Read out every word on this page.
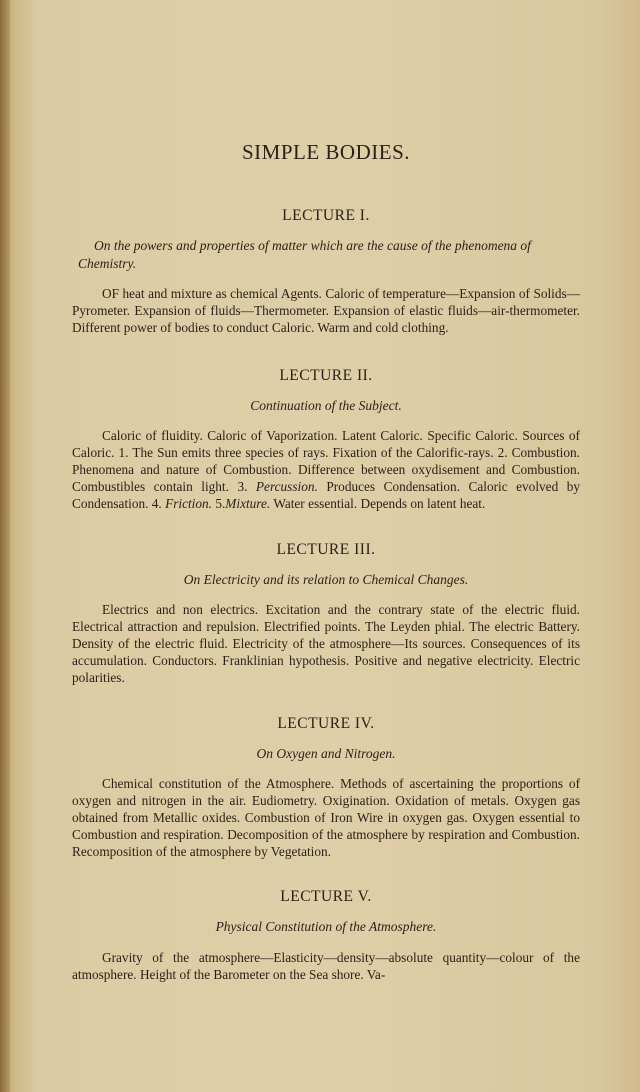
SIMPLE BODIES.
LECTURE I.

On the powers and properties of matter which are the cause of the phenomena of Chemistry.

OF heat and mixture as chemical Agents. Caloric of temperature—Expansion of Solids—Pyrometer. Expansion of fluids—Thermometer. Expansion of elastic fluids—air-thermometer. Different power of bodies to conduct Caloric. Warm and cold clothing.

LECTURE II.

Continuation of the Subject.

Caloric of fluidity. Caloric of Vaporization. Latent Caloric. Specific Caloric. Sources of Caloric. 1. The Sun emits three species of rays. Fixation of the Calorific-rays. 2. Combustion. Phenomena and nature of Combustion. Difference between oxydisement and Combustion. Combustibles contain light. 3. Percussion. Produces Condensation. Caloric evolved by Condensation. 4. Friction. 5.Mixture. Water essential. Depends on latent heat.

LECTURE III.

On Electricity and its relation to Chemical Changes.

Electrics and non electrics. Excitation and the contrary state of the electric fluid. Electrical attraction and repulsion. Electrified points. The Leyden phial. The electric Battery. Density of the electric fluid. Electricity of the atmosphere—Its sources. Consequences of its accumulation. Conductors. Franklinian hypothesis. Positive and negative electricity. Electric polarities.

LECTURE IV.

On Oxygen and Nitrogen.

Chemical constitution of the Atmosphere. Methods of ascertaining the proportions of oxygen and nitrogen in the air. Eudiometry. Oxigination. Oxidation of metals. Oxygen gas obtained from Metallic oxides. Combustion of Iron Wire in oxygen gas. Oxygen essential to Combustion and respiration. Decomposition of the atmosphere by respiration and Combustion. Recomposition of the atmosphere by Vegetation.

LECTURE V.

Physical Constitution of the Atmosphere.

Gravity of the atmosphere—Elasticity—density—absolute quantity—colour of the atmosphere. Height of the Barometer on the Sea shore. Va-
